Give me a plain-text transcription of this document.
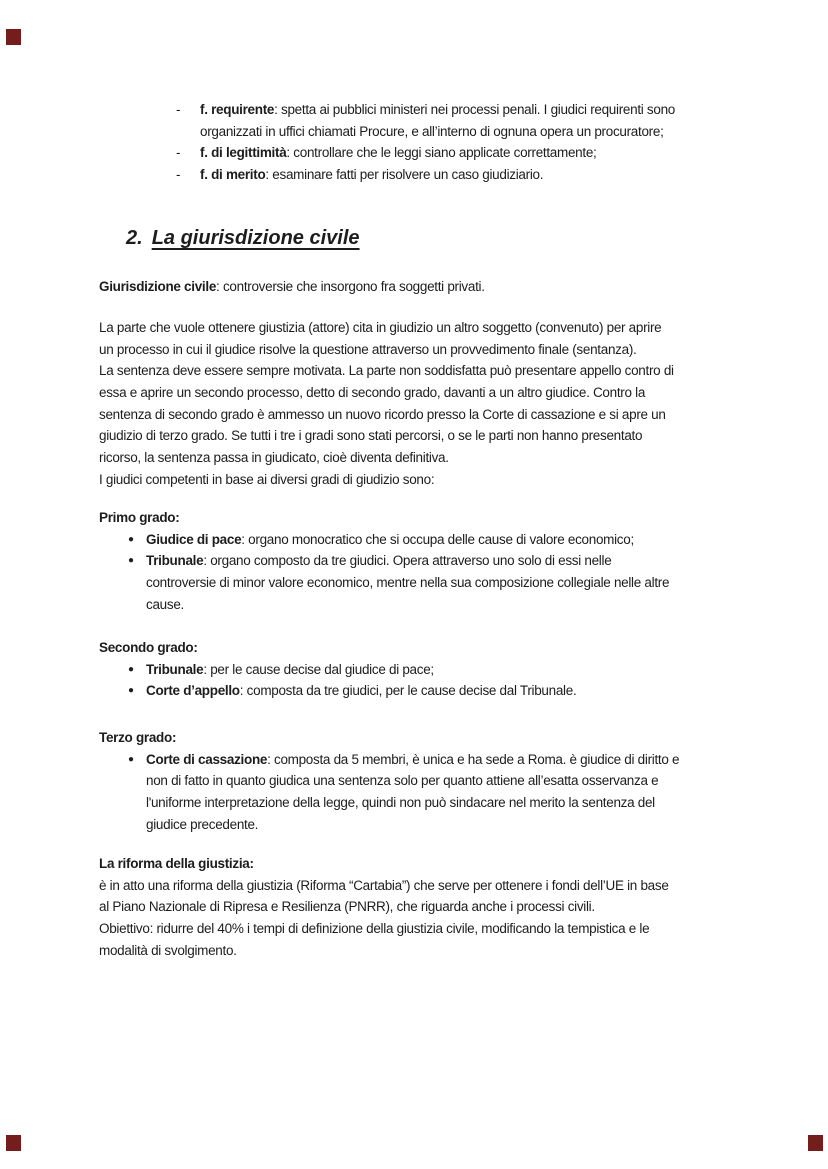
- f. requirente: spetta ai pubblici ministeri nei processi penali. I giudici requirenti sono
organizzati in uffici chiamati Procure, e all’interno di ognuna opera un procuratore;
- f. di legittimità: controllare che le leggi siano applicate correttamente;
- f. di merito: esaminare fatti per risolvere un caso giudiziario.
2. La giurisdizione civile
Giurisdizione civile: controversie che insorgono fra soggetti privati.
La parte che vuole ottenere giustizia (attore) cita in giudizio un altro soggetto (convenuto) per aprire
un processo in cui il giudice risolve la questione attraverso un provvedimento finale (sentanza).
La sentenza deve essere sempre motivata. La parte non soddisfatta può presentare appello contro di
essa e aprire un secondo processo, detto di secondo grado, davanti a un altro giudice. Contro la
sentenza di secondo grado è ammesso un nuovo ricordo presso la Corte di cassazione e si apre un
giudizio di terzo grado. Se tutti i tre i gradi sono stati percorsi, o se le parti non hanno presentato
ricorso, la sentenza passa in giudicato, cioè diventa definitiva.
I giudici competenti in base ai diversi gradi di giudizio sono:
Primo grado:
● Giudice di pace: organo monocratico che si occupa delle cause di valore economico;
● Tribunale: organo composto da tre giudici. Opera attraverso uno solo di essi nelle
controversie di minor valore economico, mentre nella sua composizione collegiale nelle altre
cause.
Secondo grado:
● Tribunale: per le cause decise dal giudice di pace;
● Corte d’appello: composta da tre giudici, per le cause decise dal Tribunale.
Terzo grado:
● Corte di cassazione: composta da 5 membri, è unica e ha sede a Roma. è giudice di diritto e
non di fatto in quanto giudica una sentenza solo per quanto attiene all’esatta osservanza e
l'uniforme interpretazione della legge, quindi non può sindacare nel merito la sentenza del
giudice precedente.
La riforma della giustizia:
è in atto una riforma della giustizia (Riforma “Cartabia”) che serve per ottenere i fondi dell’UE in base
al Piano Nazionale di Ripresa e Resilienza (PNRR), che riguarda anche i processi civili.
Obiettivo: ridurre del 40% i tempi di definizione della giustizia civile, modificando la tempistica e le
modalità di svolgimento.
